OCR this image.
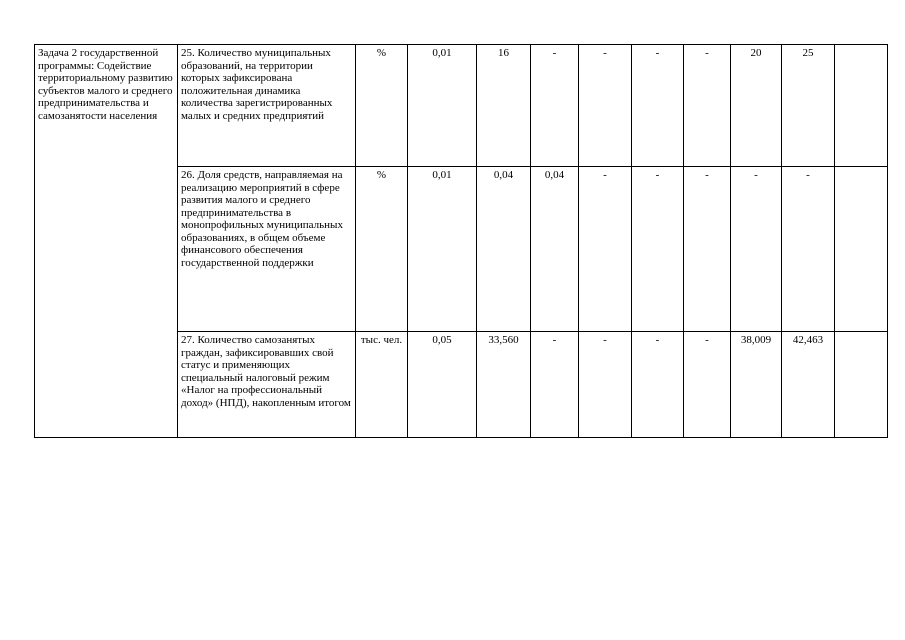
Задача 2 государственной программы: Содействие территориальному развитию субъектов малого и среднего предпринимательства и самозанятости населения	25. Количество муниципальных образований, на территории которых зафиксирована положительная динамика количества зарегистрированных малых и средних предприятий	%	0,01	16	-	-	-	-	20	25	
	26. Доля средств, направляемая на реализацию мероприятий в сфере развития малого и среднего предпринимательства в монопрофильных муниципальных образованиях, в общем объеме финансового обеспечения государственной поддержки	%	0,01	0,04	0,04	-	-	-	-	-	
	27. Количество самозанятых граждан, зафиксировавших свой статус и применяющих специальный налоговый режим «Налог на профессиональный доход» (НПД), накопленным итогом	тыс. чел.	0,05	33,560	-	-	-	-	38,009	42,463	
